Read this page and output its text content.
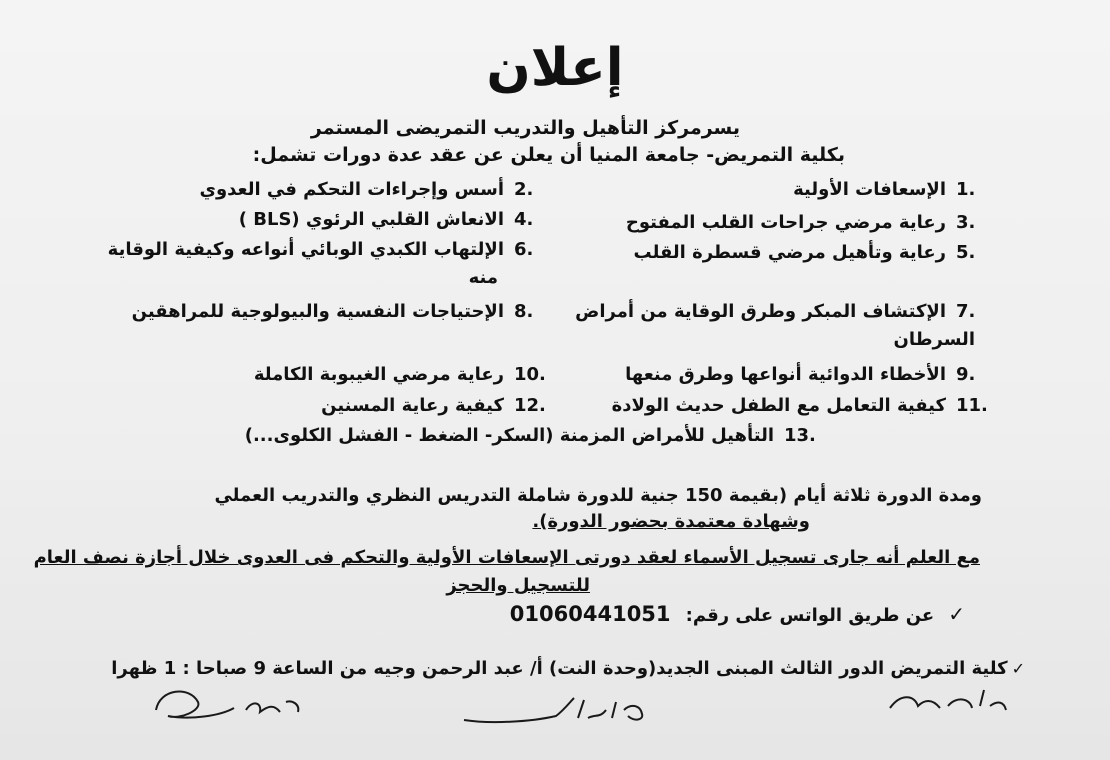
إعلان
يسرمركز التأهيل والتدريب التمريضى المستمر
بكلية التمريض- جامعة المنيا أن يعلن عن عقد عدة دورات تشمل:
1.الإسعافات الأولية
3.رعاية مرضي جراحات القلب المفتوح
5.رعاية وتأهيل مرضي قسطرة القلب
7.الإكتشاف المبكر وطرق الوقاية من أمراض
السرطان
9.الأخطاء الدوائية أنواعها وطرق منعها
11.كيفية التعامل مع الطفل حديث الولادة
2.أسس وإجراءات التحكم في العدوي
4.الانعاش القلبي الرئوي (BLS )
6.الإلتهاب الكبدي الوبائي أنواعه وكيفية الوقاية
منه
8.الإحتياجات النفسية والبيولوجية للمراهقين
10.رعاية مرضي الغيبوبة الكاملة
12.كيفية رعاية المسنين
13.التأهيل للأمراض المزمنة (السكر- الضغط - الفشل الكلوى...)
ومدة الدورة ثلاثة أيام (بقيمة 150 جنية للدورة شاملة التدريس النظري والتدريب العملي
وشهادة معتمدة بحضور الدورة).
مع العلم أنه جارى تسجيل الأسماء لعقد دورتى الإسعافات الأولية والتحكم فى العدوى خلال أجازة نصف العام
للتسجيل والحجز
✓عن طريق الواتس على رقم: 01060441051
✓كلية التمريض الدور الثالث المبنى الجديد(وحدة النت) أ/ عبد الرحمن وجيه من الساعة 9 صباحا : 1 ظهرا
